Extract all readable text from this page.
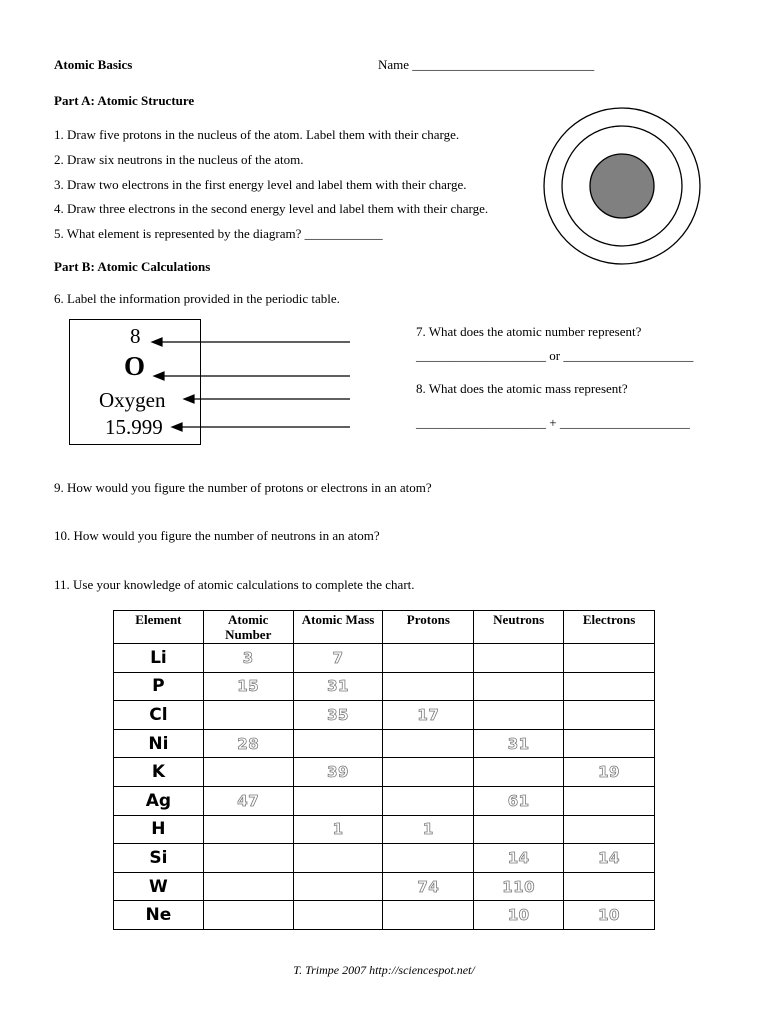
Atomic Basics	Name ____________________________
Part A: Atomic Structure
1. Draw five protons in the nucleus of the atom. Label them with their charge.
2. Draw six neutrons in the nucleus of the atom.
3. Draw two electrons in the first energy level and label them with their charge.
4. Draw three electrons in the second energy level and label them with their charge.
5. What element is represented by the diagram? ____________
Part B: Atomic Calculations
6. Label the information provided in the periodic table.
8
O
Oxygen
15.999
7. What does the atomic number represent?
____________________ or ____________________
8. What does the atomic mass represent?
____________________ + ____________________
9. How would you figure the number of protons or electrons in an atom?
10. How would you figure the number of neutrons in an atom?
11. Use your knowledge of atomic calculations to complete the chart.
Element	Atomic Number	Atomic Mass	Protons	Neutrons	Electrons
Li	3	7			
P	15	31			
Cl		35	17		
Ni	28			31	
K		39			19
Ag	47			61	
H		1	1		
Si				14	14
W			74	110	
Ne				10	10
T. Trimpe 2007 http://sciencespot.net/
